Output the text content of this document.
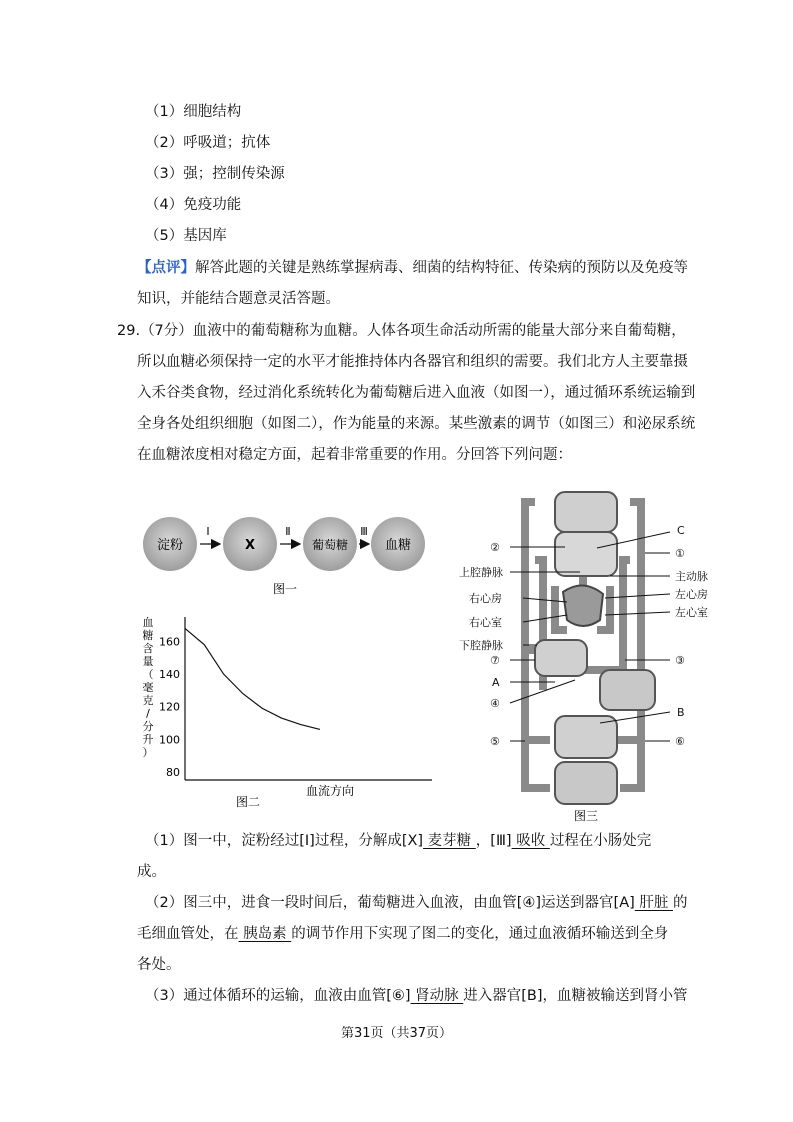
（1）细胞结构
（2）呼吸道；抗体
（3）强；控制传染源
（4）免疫功能
（5）基因库
【点评】解答此题的关键是熟练掌握病毒、细菌的结构特征、传染病的预防以及免疫等
知识，并能结合题意灵活答题。
29.（7分）血液中的葡萄糖称为血糖。人体各项生命活动所需的能量大部分来自葡萄糖，
所以血糖必须保持一定的水平才能推持体内各器官和组织的需要。我们北方人主要靠摄
入禾谷类食物，经过消化系统转化为葡萄糖后进入血液（如图一），通过循环系统运输到
全身各处组织细胞（如图二），作为能量的来源。某些激素的调节（如图三）和泌尿系统
在血糖浓度相对稳定方面，起着非常重要的作用。分回答下列问题：
淀粉	X	葡萄糖	血糖
Ⅰ	Ⅱ	Ⅲ
图一
血
糖
含
量
（
毫
克
/
分
升
）
80
100
120
140
160
血流方向
图二
C
①
②
上腔静脉	主动脉
右心房	左心房
右心室
左心室
下腔静脉
⑦	③
A
④
B
⑤	⑥
图三
（1）图一中，淀粉经过[Ⅰ]过程，分解成[X] 麦芽糖 ，[Ⅲ] 吸收 过程在小肠处完
成。
（2）图三中，进食一段时间后，葡萄糖进入血液，由血管[④]运送到器官[A] 肝脏 的
毛细血管处，在 胰岛素 的调节作用下实现了图二的变化，通过血液循环输送到全身
各处。
（3）通过体循环的运输，血液由血管[⑥] 肾动脉 进入器官[B]，血糖被输送到肾小管
第31页（共37页）
